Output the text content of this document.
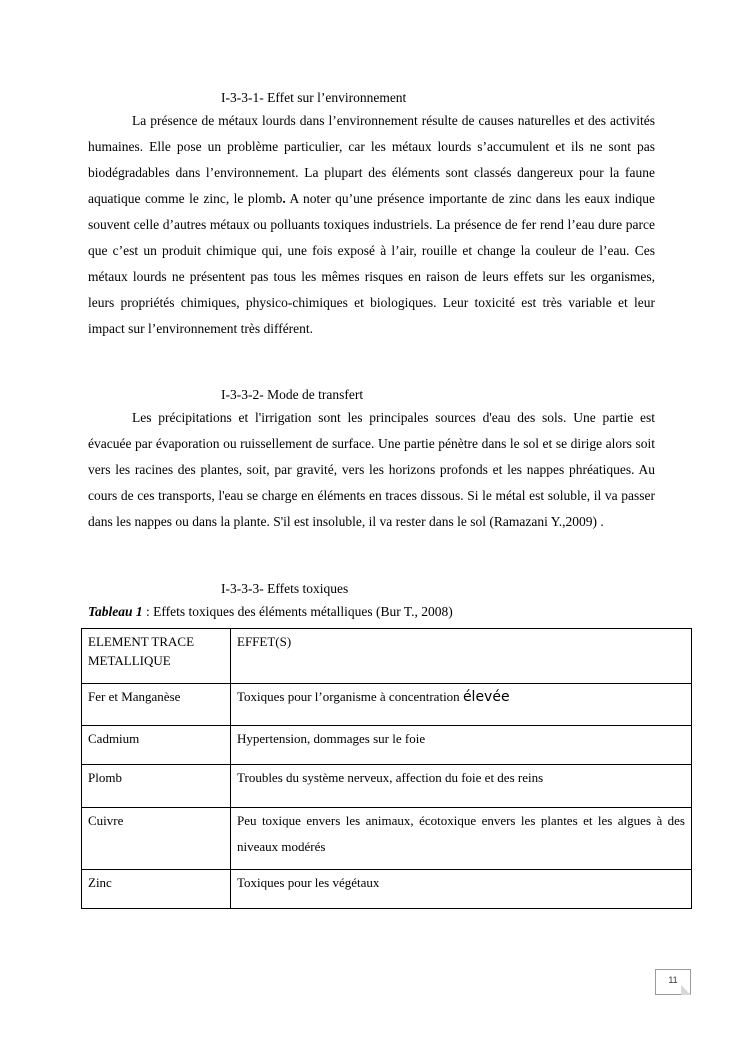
I-3-3-1- Effet sur l’environnement

La présence de métaux lourds dans l’environnement résulte de causes naturelles et des activités humaines. Elle pose un problème particulier, car les métaux lourds s’accumulent et ils ne sont pas biodégradables dans l’environnement. La plupart des éléments sont classés dangereux pour la faune aquatique comme le zinc, le plomb. A noter qu’une présence importante de zinc dans les eaux indique souvent celle d’autres métaux ou polluants toxiques industriels. La présence de fer rend l’eau dure parce que c’est un produit chimique qui, une fois exposé à l’air, rouille et change la couleur de l’eau. Ces métaux lourds ne présentent pas tous les mêmes risques en raison de leurs effets sur les organismes, leurs propriétés chimiques, physico-chimiques et biologiques. Leur toxicité est très variable et leur impact sur l’environnement très différent.

I-3-3-2- Mode de transfert

Les précipitations et l'irrigation sont les principales sources d'eau des sols. Une partie est évacuée par évaporation ou ruissellement de surface. Une partie pénètre dans le sol et se dirige alors soit vers les racines des plantes, soit, par gravité, vers les horizons profonds et les nappes phréatiques. Au cours de ces transports, l'eau se charge en éléments en traces dissous. Si le métal est soluble, il va passer dans les nappes ou dans la plante. S'il est insoluble, il va rester dans le sol (Ramazani Y.,2009) .

I-3-3-3- Effets toxiques
Tableau 1 : Effets toxiques des éléments métalliques (Bur T., 2008)
ELEMENT TRACE METALLIQUE	EFFET(S)
Fer et Manganèse	Toxiques pour l’organisme à concentration élevée
Cadmium	Hypertension, dommages sur le foie
Plomb	Troubles du système nerveux, affection du foie et des reins
Cuivre	Peu toxique envers les animaux, écotoxique envers les plantes et les algues à des niveaux modérés
Zinc	Toxiques pour les végétaux
11
